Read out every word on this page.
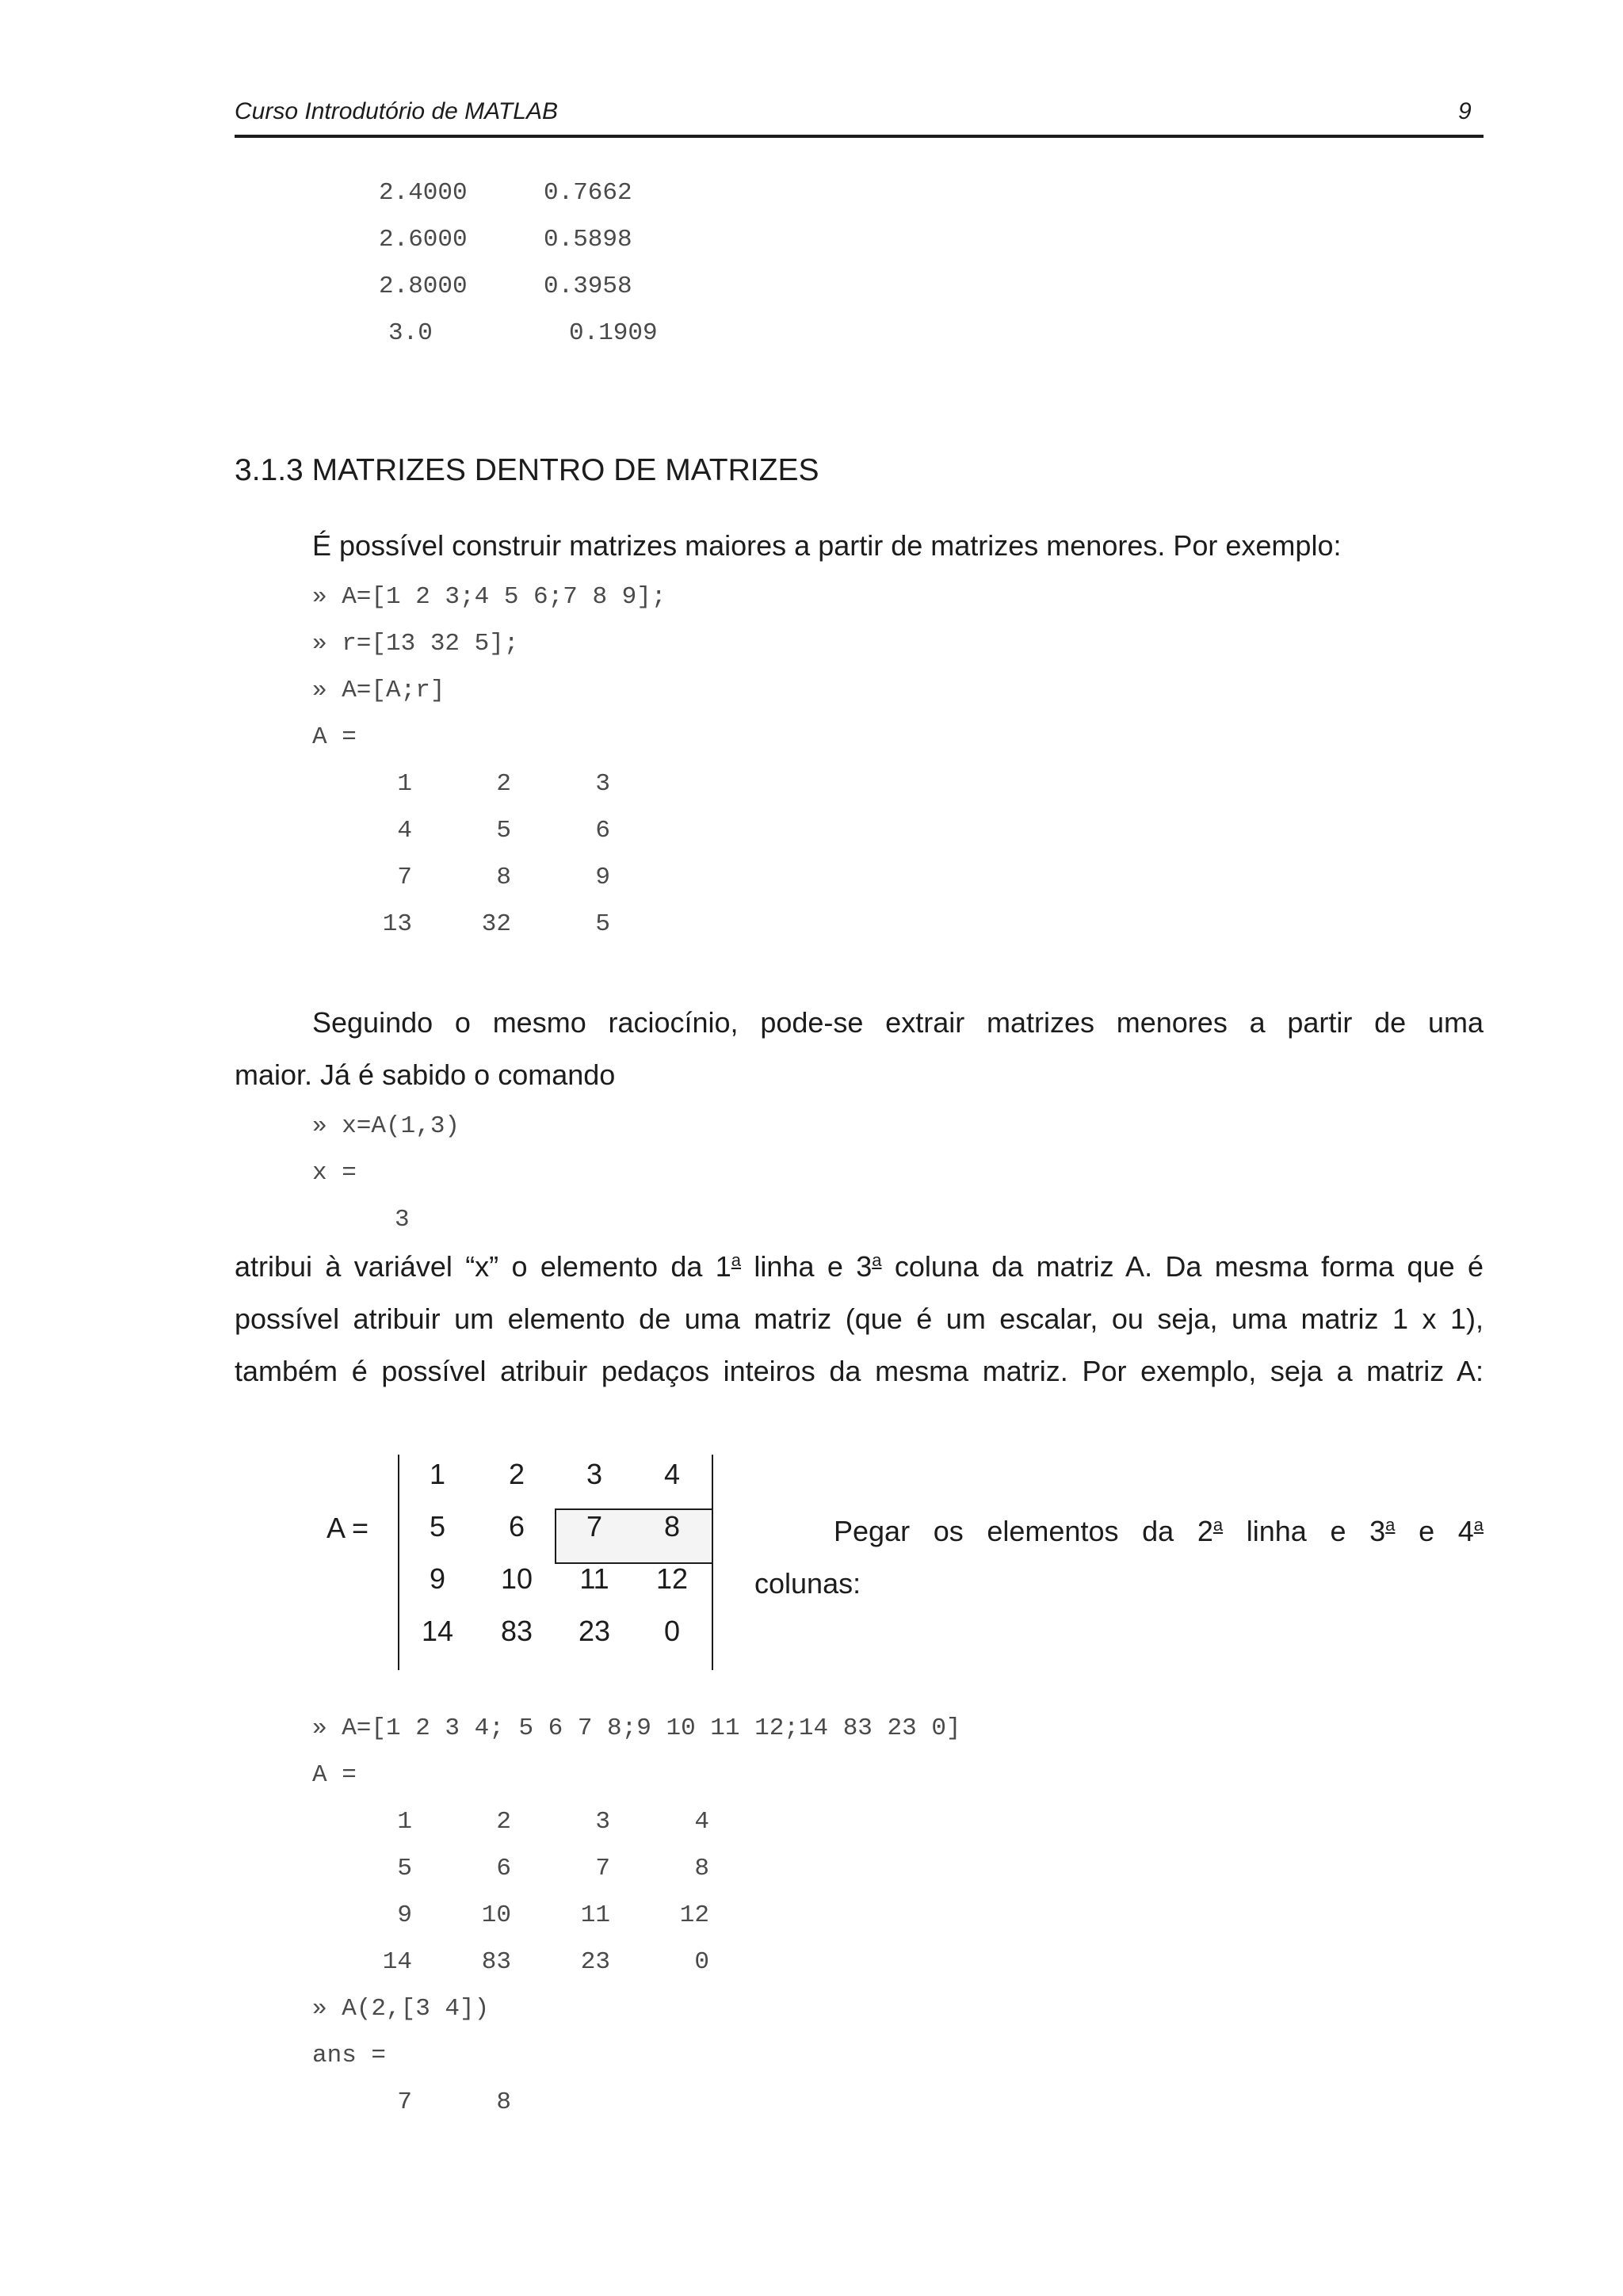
Curso Introdutório de MATLAB	9
2.4000	0.7662
2.6000	0.5898
2.8000	0.3958
3.0	0.1909
3.1.3 MATRIZES DENTRO DE MATRIZES
É possível construir matrizes maiores a partir de matrizes menores. Por exemplo:
» A=[1 2 3;4 5 6;7 8 9];
» r=[13 32 5];
» A=[A;r]
A =
1	2	3
4	5	6
7	8	9
13	32	5
Seguindo o mesmo raciocínio, pode-se extrair matrizes menores a partir de uma
maior. Já é sabido o comando
» x=A(1,3)
x =
3
atribui à variável “x” o elemento da 1$^a$ linha e 3$^a$ coluna da matriz A. Da mesma forma que é
possível atribuir um elemento de uma matriz (que é um escalar, ou seja, uma matriz 1 x 1),
também é possível atribuir pedaços inteiros da mesma matriz. Por exemplo, seja a matriz A:
A =
1	2	3	4
5	6	7	8
9	10	11	12
14	83	23	0
Pegar os elementos da 2$^a$ linha e 3$^a$ e 4$^a$
colunas:
» A=[1 2 3 4; 5 6 7 8;9 10 11 12;14 83 23 0]
A =
1	2	3	4
5	6	7	8
9	10	11	12
14	83	23	0
» A(2,[3 4])
ans =
7	8
